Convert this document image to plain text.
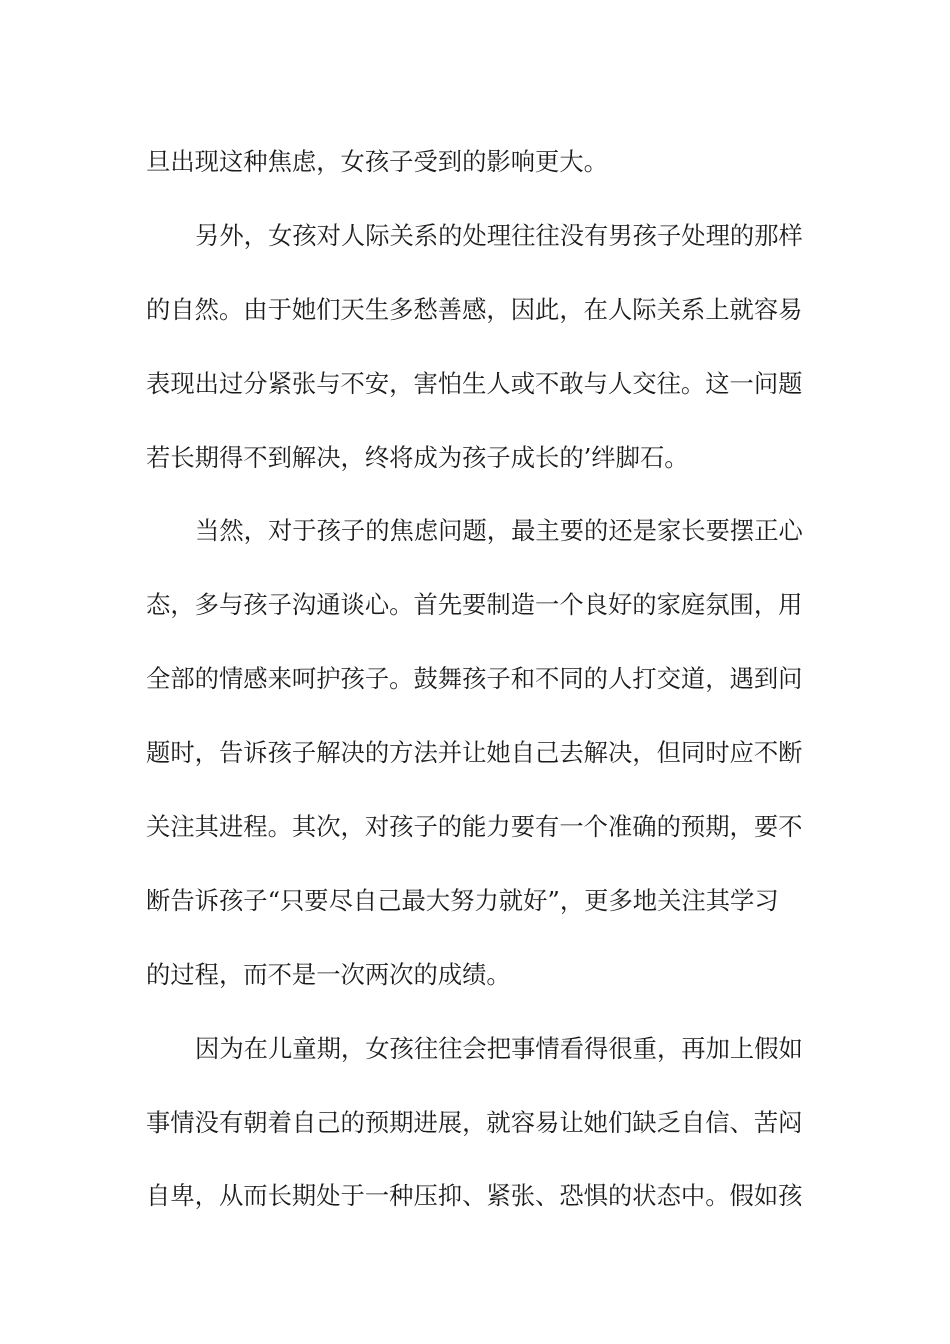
旦出现这种焦虑，女孩子受到的影响更大。
另外，女孩对人际关系的处理往往没有男孩子处理的那样
的自然。由于她们天生多愁善感，因此，在人际关系上就容易
表现出过分紧张与不安，害怕生人或不敢与人交往。这一问题
若长期得不到解决，终将成为孩子成长的’绊脚石。
当然，对于孩子的焦虑问题，最主要的还是家长要摆正心
态，多与孩子沟通谈心。首先要制造一个良好的家庭氛围，用
全部的情感来呵护孩子。鼓舞孩子和不同的人打交道，遇到问
题时，告诉孩子解决的方法并让她自己去解决，但同时应不断
关注其进程。其次，对孩子的能力要有一个准确的预期，要不
断告诉孩子“只要尽自己最大努力就好”，更多地关注其学习
的过程，而不是一次两次的成绩。
因为在儿童期，女孩往往会把事情看得很重，再加上假如
事情没有朝着自己的预期进展，就容易让她们缺乏自信、苦闷
自卑，从而长期处于一种压抑、紧张、恐惧的状态中。假如孩
